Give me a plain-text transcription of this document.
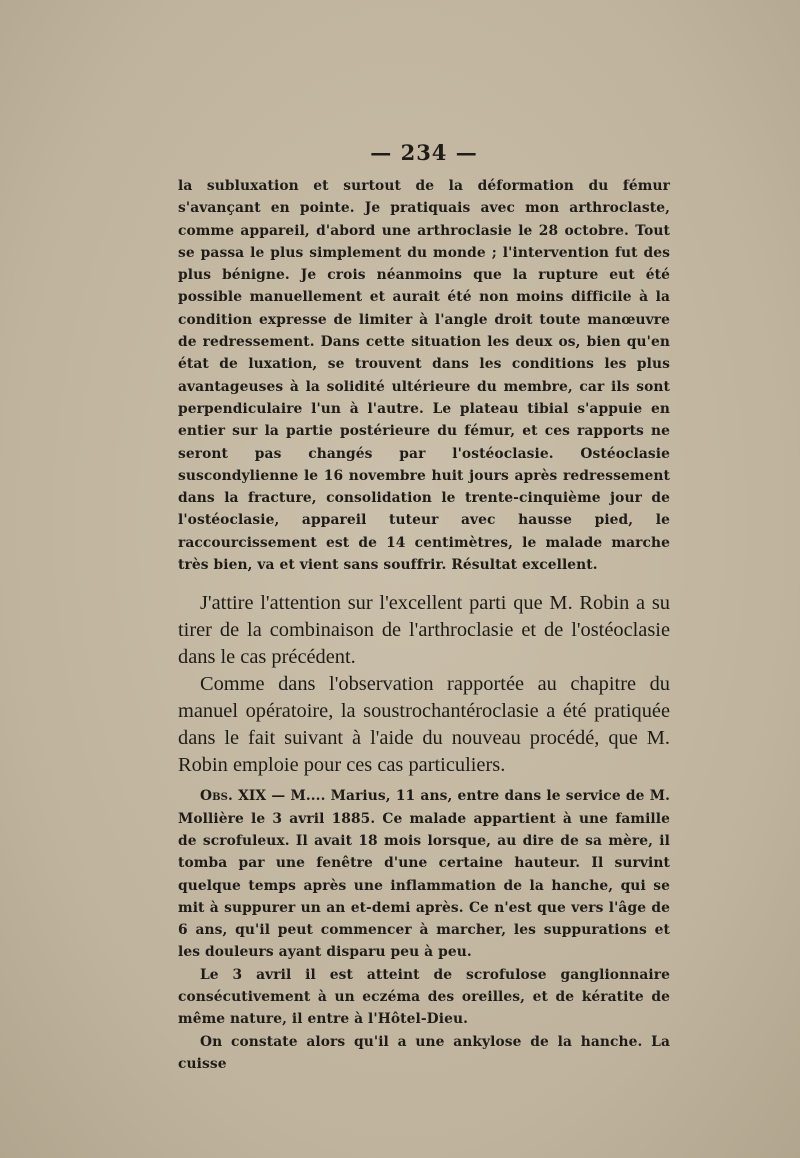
— 234 —

la subluxation et surtout de la déformation du fémur s'avançant en pointe. Je pratiquais avec mon arthroclaste, comme appareil, d'abord une arthroclasie le 28 octobre. Tout se passa le plus simplement du monde ; l'intervention fut des plus bénigne. Je crois néanmoins que la rupture eut été possible manuellement et aurait été non moins difficile à la condition expresse de limiter à l'angle droit toute manœuvre de redressement. Dans cette situation les deux os, bien qu'en état de luxation, se trouvent dans les conditions les plus avantageuses à la solidité ultérieure du membre, car ils sont perpendiculaire l'un à l'autre. Le plateau tibial s'appuie en entier sur la partie postérieure du fémur, et ces rapports ne seront pas changés par l'ostéoclasie. Ostéoclasie suscondylienne le 16 novembre huit jours après redressement dans la fracture, consolidation le trente-cinquième jour de l'ostéoclasie, appareil tuteur avec hausse pied, le raccourcissement est de 14 centimètres, le malade marche très bien, va et vient sans souffrir. Résultat excellent.

J'attire l'attention sur l'excellent parti que M. Robin a su tirer de la combinaison de l'arthroclasie et de l'ostéoclasie dans le cas précédent.

Comme dans l'observation rapportée au chapitre du manuel opératoire, la soustrochantéroclasie a été pratiquée dans le fait suivant à l'aide du nouveau procédé, que M. Robin emploie pour ces cas particuliers.

Obs. XIX — M.... Marius, 11 ans, entre dans le service de M. Mollière le 3 avril 1885. Ce malade appartient à une famille de scrofuleux. Il avait 18 mois lorsque, au dire de sa mère, il tomba par une fenêtre d'une certaine hauteur. Il survint quelque temps après une inflammation de la hanche, qui se mit à suppurer un an et-demi après. Ce n'est que vers l'âge de 6 ans, qu'il peut commencer à marcher, les suppurations et les douleurs ayant disparu peu à peu.

Le 3 avril il est atteint de scrofulose ganglionnaire consécutivement à un eczéma des oreilles, et de kératite de même nature, il entre à l'Hôtel-Dieu.

On constate alors qu'il a une ankylose de la hanche. La cuisse
